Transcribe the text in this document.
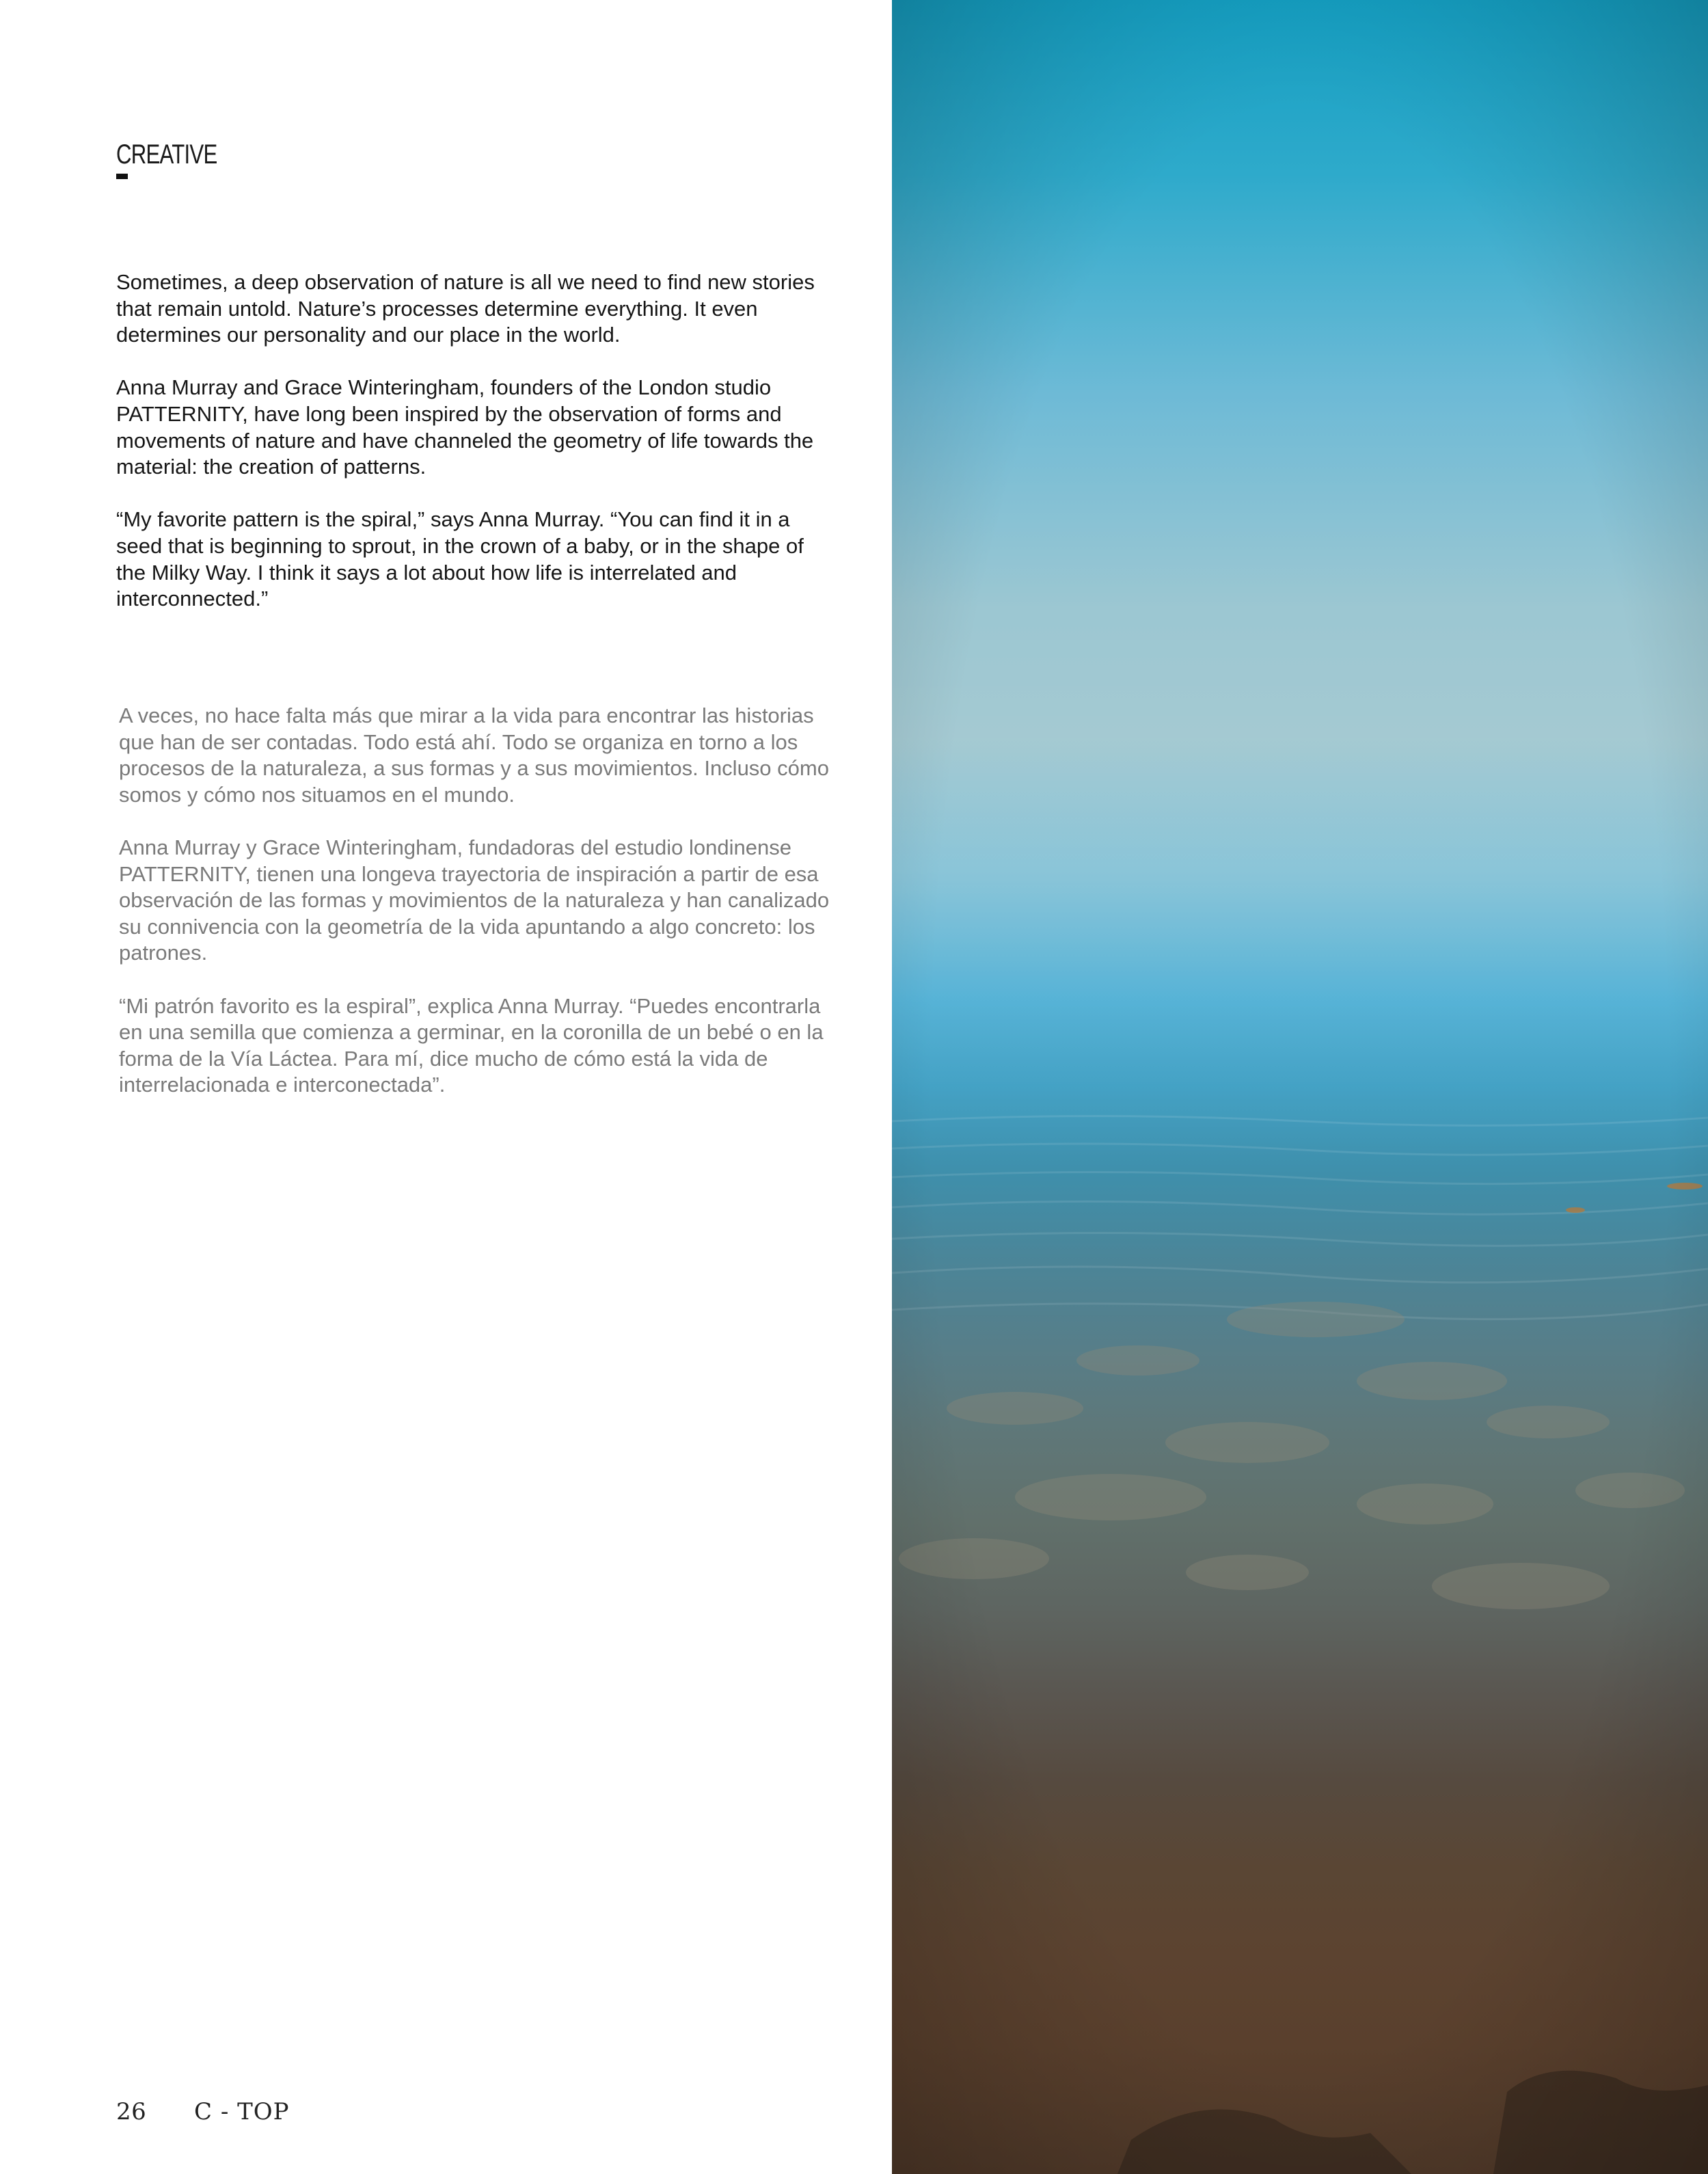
CREATIVE

Sometimes, a deep observation of nature is all we need to find new stories that remain untold. Nature’s processes determine everything. It even determines our personality and our place in the world.

Anna Murray and Grace Winteringham, founders of the London studio PATTERNITY, have long been inspired by the observation of forms and movements of nature and have channeled the geometry of life towards the material: the creation of patterns.

“My favorite pattern is the spiral,” says Anna Murray. “You can find it in a seed that is beginning to sprout, in the crown of a baby, or in the shape of the Milky Way. I think it says a lot about how life is interrelated and interconnected.”

A veces, no hace falta más que mirar a la vida para encontrar las historias que han de ser contadas. Todo está ahí. Todo se organiza en torno a los procesos de la naturaleza, a sus formas y a sus movimientos. Incluso cómo somos y cómo nos situamos en el mundo.

Anna Murray y Grace Winteringham, fundadoras del estudio londinense PATTERNITY, tienen una longeva trayectoria de inspiración a partir de esa observación de las formas y movimientos de la naturaleza y han canalizado su connivencia con la geometría de la vida apuntando a algo concreto: los patrones.

“Mi patrón favorito es la espiral”, explica Anna Murray. “Puedes encontrarla en una semilla que comienza a germinar, en la coronilla de un bebé o en la forma de la Vía Láctea. Para mí, dice mucho de cómo está la vida de interrelacionada e interconectada”.

26 C - TOP
